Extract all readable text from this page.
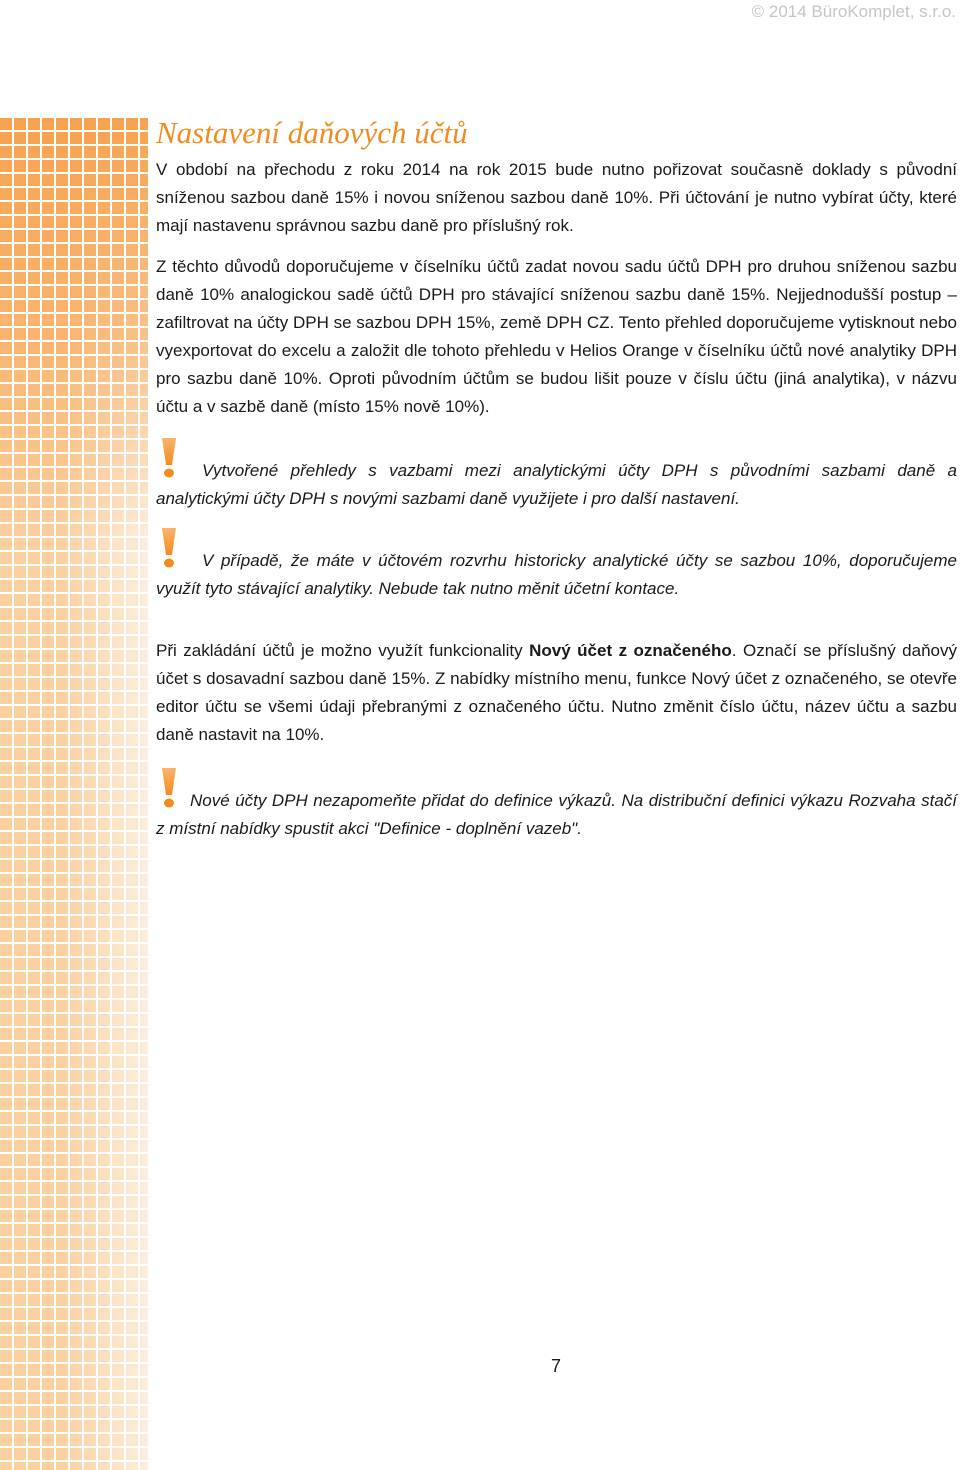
© 2014 BüroKomplet, s.r.o.
Nastavení daňových účtů

V období na přechodu z roku 2014 na rok 2015 bude nutno pořizovat současně doklady s původní sníženou sazbou daně 15% i novou sníženou sazbou daně 10%. Při účtování je nutno vybírat účty, které mají nastavenu správnou sazbu daně pro příslušný rok.

Z těchto důvodů doporučujeme v číselníku účtů zadat novou sadu účtů DPH pro druhou sníženou sazbu daně 10% analogickou sadě účtů DPH pro stávající sníženou sazbu daně 15%. Nejjednodušší postup – zafiltrovat na účty DPH se sazbou DPH 15%, země DPH CZ. Tento přehled doporučujeme vytisknout nebo vyexportovat do excelu a založit dle tohoto přehledu v Helios Orange v číselníku účtů nové analytiky DPH pro sazbu daně 10%. Oproti původním účtům se budou lišit pouze v číslu účtu (jiná analytika), v názvu účtu a v sazbě daně (místo 15% nově 10%).

Vytvořené přehledy s vazbami mezi analytickými účty DPH s původními sazbami daně a analytickými účty DPH s novými sazbami daně využijete i pro další nastavení.

V případě, že máte v účtovém rozvrhu historicky analytické účty se sazbou 10%, doporučujeme využít tyto stávající analytiky. Nebude tak nutno měnit účetní kontace.

Při zakládání účtů je možno využít funkcionality Nový účet z označeného. Označí se příslušný daňový účet s dosavadní sazbou daně 15%. Z nabídky místního menu, funkce Nový účet z označeného, se otevře editor účtu se všemi údaji přebranými z označeného účtu. Nutno změnit číslo účtu, název účtu a sazbu daně nastavit na 10%.

Nové účty DPH nezapomeňte přidat do definice výkazů. Na distribuční definici výkazu Rozvaha stačí z místní nabídky spustit akci "Definice - doplnění vazeb".

7
